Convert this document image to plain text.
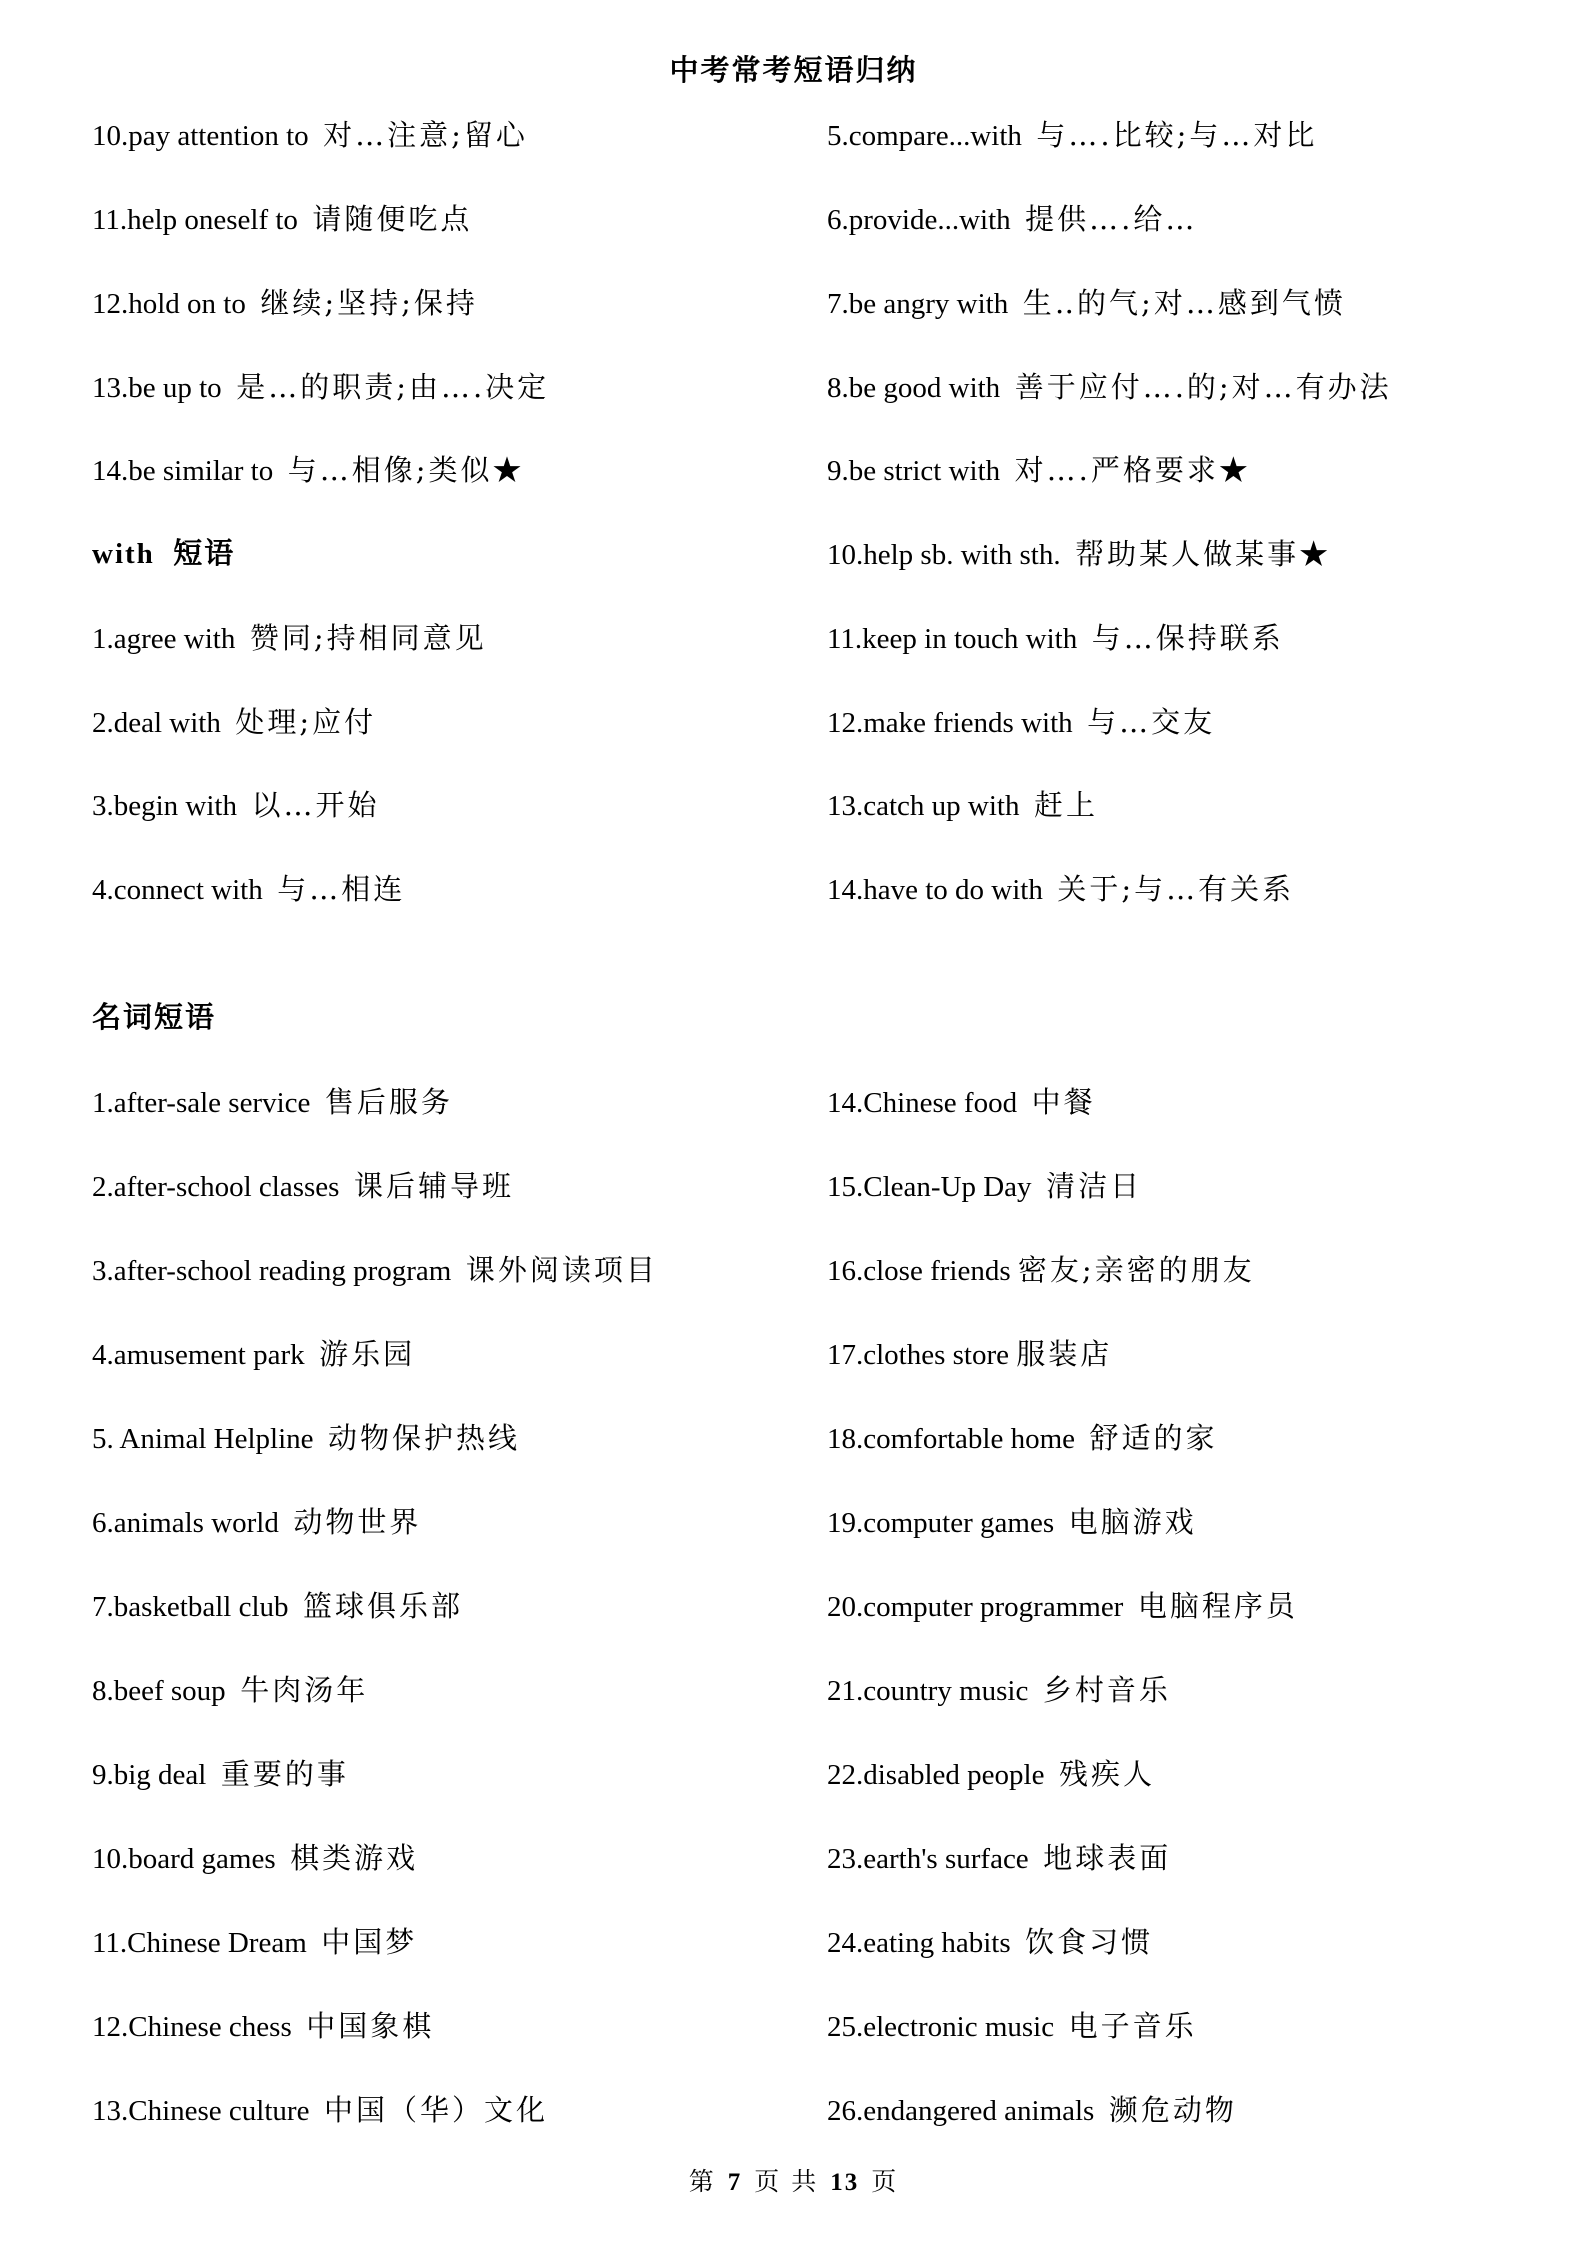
中考常考短语归纳
10.pay attention to 对…注意;留心
11.help oneself to 请随便吃点
12.hold on to 继续;坚持;保持
13.be up to 是…的职责;由….决定
14.be similar to 与…相像;类似★
with 短语
1.agree with 赞同;持相同意见
2.deal with 处理;应付
3.begin with 以…开始
4.connect with 与…相连
名词短语
1.after-sale service 售后服务
2.after-school classes 课后辅导班
3.after-school reading program 课外阅读项目
4.amusement park 游乐园
5. Animal Helpline 动物保护热线
6.animals world 动物世界
7.basketball club 篮球俱乐部
8.beef soup 牛肉汤年
9.big deal 重要的事
10.board games 棋类游戏
11.Chinese Dream 中国梦
12.Chinese chess 中国象棋
13.Chinese culture 中国（华）文化
5.compare...with 与….比较;与…对比
6.provide...with 提供….给…
7.be angry with 生‥的气;对…感到气愤
8.be good with 善于应付….的;对…有办法
9.be strict with 对….严格要求★
10.help sb. with sth. 帮助某人做某事★
11.keep in touch with 与…保持联系
12.make friends with 与…交友
13.catch up with 赶上
14.have to do with 关于;与…有关系
14.Chinese food 中餐
15.Clean-Up Day 清洁日
16.close friends 密友;亲密的朋友
17.clothes store 服装店
18.comfortable home 舒适的家
19.computer games 电脑游戏
20.computer programmer 电脑程序员
21.country music 乡村音乐
22.disabled people 残疾人
23.earth's surface 地球表面
24.eating habits 饮食习惯
25.electronic music 电子音乐
26.endangered animals 濒危动物
第 7 页 共 13 页
